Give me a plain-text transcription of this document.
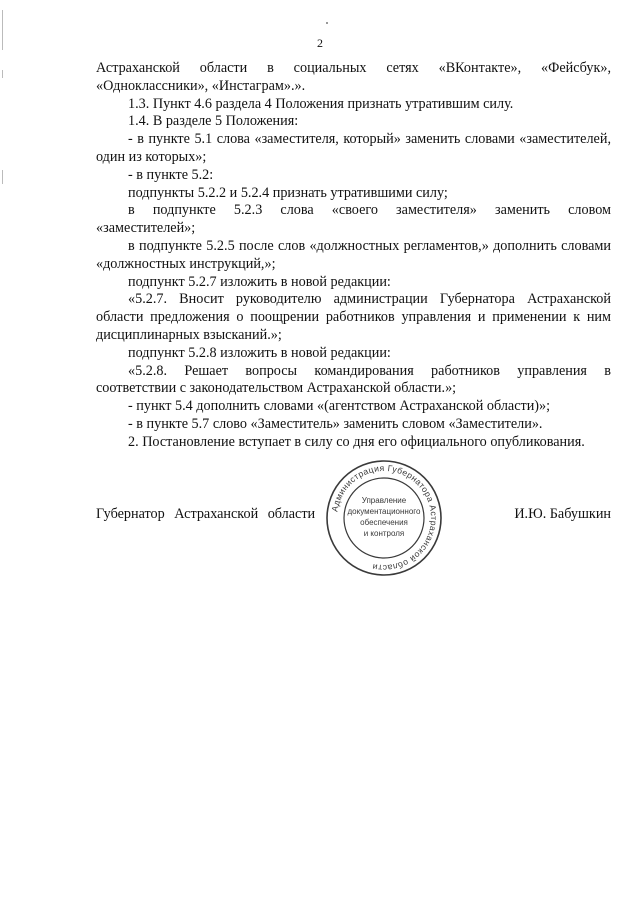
2

Астраханской области в социальных сетях «ВКонтакте», «Фейсбук», «Одноклассники», «Инстаграм».».

1.3. Пункт 4.6 раздела 4 Положения признать утратившим силу.

1.4. В разделе 5 Положения:

- в пункте 5.1 слова «заместителя, который» заменить словами «заместителей, один из которых»;

- в пункте 5.2:

подпункты 5.2.2 и 5.2.4 признать утратившими силу;

в подпункте 5.2.3 слова «своего заместителя» заменить словом «заместителей»;

в подпункте 5.2.5 после слов «должностных регламентов,» дополнить словами «должностных инструкций,»;

подпункт 5.2.7 изложить в новой редакции:

«5.2.7. Вносит руководителю администрации Губернатора Астраханской области предложения о поощрении работников управления и применении к ним дисциплинарных взысканий.»;

подпункт 5.2.8 изложить в новой редакции:

«5.2.8. Решает вопросы командирования работников управления в соответствии с законодательством Астраханской области.»;

- пункт 5.4 дополнить словами «(агентством Астраханской области)»;

- в пункте 5.7 слово «Заместитель» заменить словом «Заместители».

2. Постановление вступает в силу со дня его официального опубликования.

Губернатор Астраханской области	И.Ю. Бабушкин
Администрация Губернатора Астраханской области
Управление
документационного
обеспечения
и контроля
